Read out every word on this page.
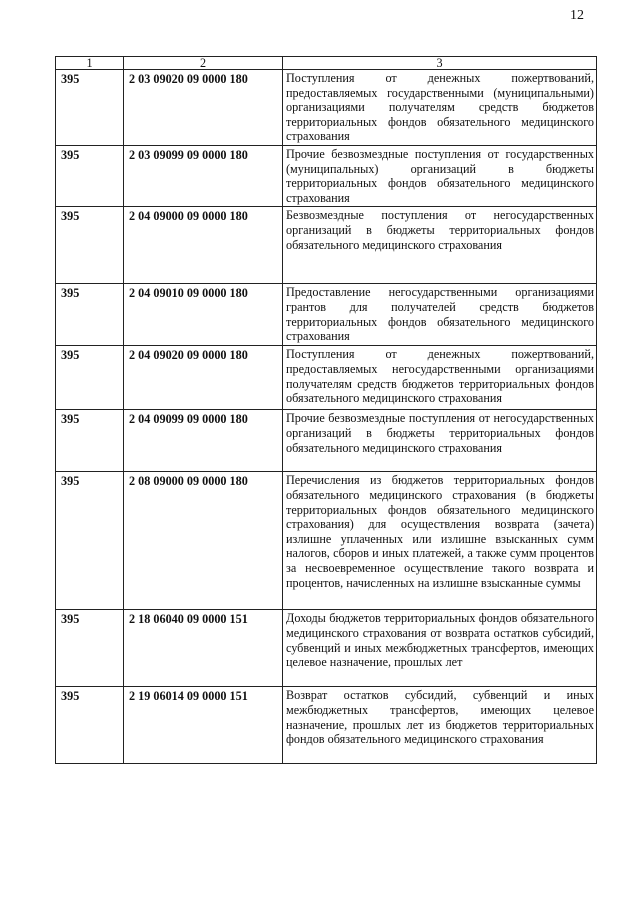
12
1	2	3
395	2 03 09020 09 0000 180	Поступления от денежных пожертвований, предоставляемых государственными (муниципальными) организациями получателям средств бюджетов территориальных фондов обязательного медицинского страхования
395	2 03 09099 09 0000 180	Прочие безвозмездные поступления от государственных (муниципальных) организаций в бюджеты территориальных фондов обязательного медицинского страхования
395	2 04 09000 09 0000 180	Безвозмездные поступления от негосударственных организаций в бюджеты территориальных фондов обязательного медицинского страхования
395	2 04 09010 09 0000 180	Предоставление негосударственными организациями грантов для получателей средств бюджетов территориальных фондов обязательного медицинского страхования
395	2 04 09020 09 0000 180	Поступления от денежных пожертвований, предоставляемых негосударственными организациями получателям средств бюджетов территориальных фондов обязательного медицинского страхования
395	2 04 09099 09 0000 180	Прочие безвозмездные поступления от негосударственных организаций в бюджеты территориальных фондов обязательного медицинского страхования
395	2 08 09000 09 0000 180	Перечисления из бюджетов территориальных фондов обязательного медицинского страхования (в бюджеты территориальных фондов обязательного медицинского страхования) для осуществления возврата (зачета) излишне уплаченных или излишне взысканных сумм налогов, сборов и иных платежей, а также сумм процентов за несвоевременное осуществление такого возврата и процентов, начисленных на излишне взысканные суммы
395	2 18 06040 09 0000 151	Доходы бюджетов территориальных фондов обязательного медицинского страхования от возврата остатков субсидий, субвенций и иных межбюджетных трансфертов, имеющих целевое назначение, прошлых лет
395	2 19 06014 09 0000 151	Возврат остатков субсидий, субвенций и иных межбюджетных трансфертов, имеющих целевое назначение, прошлых лет из бюджетов территориальных фондов обязательного медицинского страхования
